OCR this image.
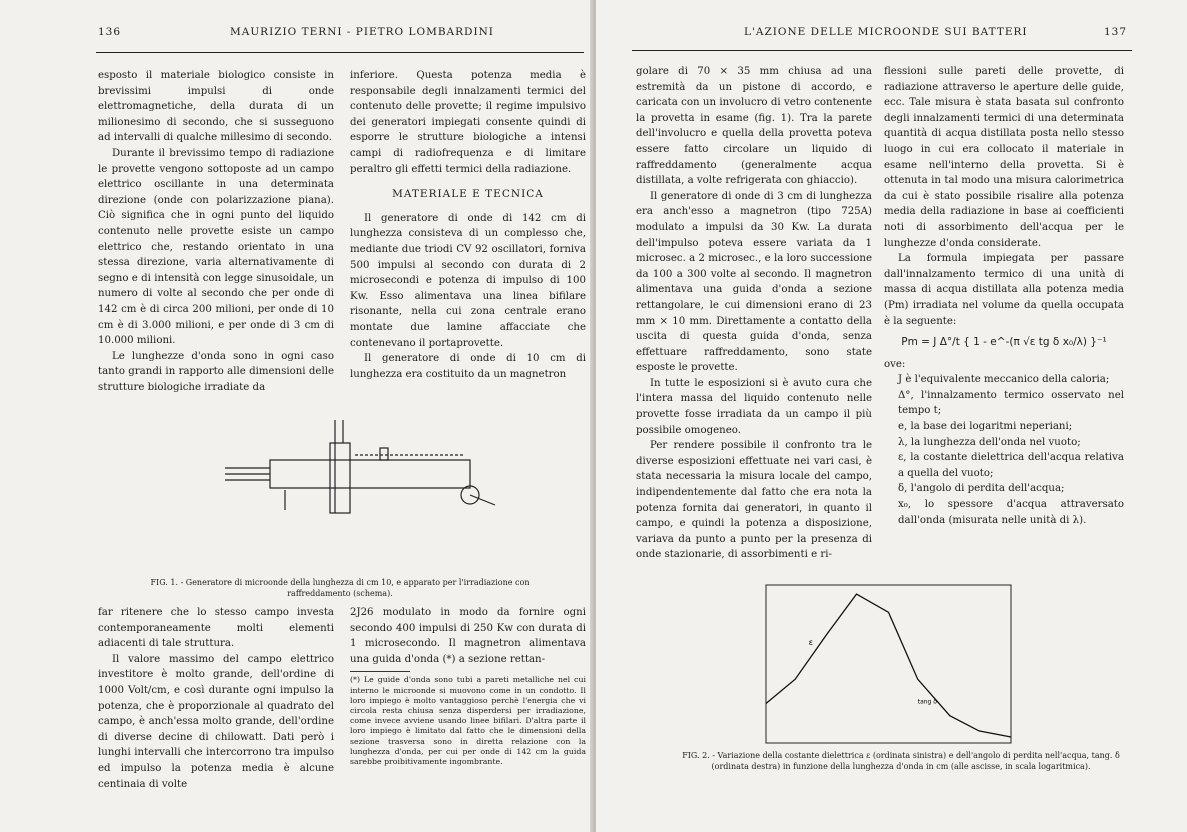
136	MAURIZIO TERNI - PIETRO LOMBARDINI

esposto il materiale biologico consiste in brevissimi impulsi di onde elettromagnetiche, della durata di un milionesimo di secondo, che si susseguono ad intervalli di qualche millesimo di secondo.

Durante il brevissimo tempo di radiazione le provette vengono sottoposte ad un campo elettrico oscillante in una determinata direzione (onde con polarizzazione piana). Ciò significa che in ogni punto del liquido contenuto nelle provette esiste un campo elettrico che, restando orientato in una stessa direzione, varia alternativamente di segno e di intensità con legge sinusoidale, un numero di volte al secondo che per onde di 142 cm è di circa 200 milioni, per onde di 10 cm è di 3.000 milioni, e per onde di 3 cm di 10.000 milioni.

Le lunghezze d'onda sono in ogni caso tanto grandi in rapporto alle dimensioni delle strutture biologiche irradiate da

inferiore. Questa potenza media è responsabile degli innalzamenti termici del contenuto delle provette; il regime impulsivo dei generatori impiegati consente quindi di esporre le strutture biologiche a intensi campi di radiofrequenza e di limitare peraltro gli effetti termici della radiazione.

MATERIALE E TECNICA

Il generatore di onde di 142 cm di lunghezza consisteva di un complesso che, mediante due triodi CV 92 oscillatori, forniva 500 impulsi al secondo con durata di 2 microsecondi e potenza di impulso di 100 Kw. Esso alimentava una linea bifilare risonante, nella cui zona centrale erano montate due lamine affacciate che contenevano il portaprovette.

Il generatore di onde di 10 cm di lunghezza era costituito da un magnetron

FIG. 1. - Generatore di microonde della lunghezza di cm 10, e apparato per l'irradiazione con raffreddamento (schema).

far ritenere che lo stesso campo investa contemporaneamente molti elementi adiacenti di tale struttura.

Il valore massimo del campo elettrico investitore è molto grande, dell'ordine di 1000 Volt/cm, e così durante ogni impulso la potenza, che è proporzionale al quadrato del campo, è anch'essa molto grande, dell'ordine di diverse decine di chilowatt. Dati però i lunghi intervalli che intercorrono tra impulso ed impulso la potenza media è alcune centinaia di volte

2J26 modulato in modo da fornire ogni secondo 400 impulsi di 250 Kw con durata di 1 microsecondo. Il magnetron alimentava una guida d'onda (*) a sezione rettan-

(*) Le guide d'onda sono tubi a pareti metalliche nel cui interno le microonde si muovono come in un condotto. Il loro impiego è molto vantaggioso perchè l'energia che vi circola resta chiusa senza disperdersi per irradiazione, come invece avviene usando linee bifilari. D'altra parte il loro impiego è limitato dal fatto che le dimensioni della sezione trasversa sono in diretta relazione con la lunghezza d'onda, per cui per onde di 142 cm la guida sarebbe proibitivamente ingombrante.

L'AZIONE DELLE MICROONDE SUI BATTERI	137

golare di 70 × 35 mm chiusa ad una estremità da un pistone di accordo, e caricata con un involucro di vetro contenente la provetta in esame (fig. 1). Tra la parete dell'involucro e quella della provetta poteva essere fatto circolare un liquido di raffreddamento (generalmente acqua distillata, a volte refrigerata con ghiaccio).

Il generatore di onde di 3 cm di lunghezza era anch'esso a magnetron (tipo 725A) modulato a impulsi da 30 Kw. La durata dell'impulso poteva essere variata da 1 microsec. a 2 microsec., e la loro successione da 100 a 300 volte al secondo. Il magnetron alimentava una guida d'onda a sezione rettangolare, le cui dimensioni erano di 23 mm × 10 mm. Direttamente a contatto della uscita di questa guida d'onda, senza effettuare raffreddamento, sono state esposte le provette.

In tutte le esposizioni si è avuto cura che l'intera massa del liquido contenuto nelle provette fosse irradiata da un campo il più possibile omogeneo.

Per rendere possibile il confronto tra le diverse esposizioni effettuate nei vari casi, è stata necessaria la misura locale del campo, indipendentemente dal fatto che era nota la potenza fornita dai generatori, in quanto il campo, e quindi la potenza a disposizione, variava da punto a punto per la presenza di onde stazionarie, di assorbimenti e ri-

flessioni sulle pareti delle provette, di radiazione attraverso le aperture delle guide, ecc. Tale misura è stata basata sul confronto degli innalzamenti termici di una determinata quantità di acqua distillata posta nello stesso luogo in cui era collocato il materiale in esame nell'interno della provetta. Si è ottenuta in tal modo una misura calorimetrica da cui è stato possibile risalire alla potenza media della radiazione in base ai coefficienti noti di assorbimento dell'acqua per le lunghezze d'onda considerate.

La formula impiegata per passare dall'innalzamento termico di una unità di massa di acqua distillata alla potenza media (Pm) irradiata nel volume da quella occupata è la seguente:

Pm = J Δ°/t { 1 - e^-(π √ε tg δ x₀/λ) }⁻¹

ove:

J è l'equivalente meccanico della caloria;

Δ°, l'innalzamento termico osservato nel tempo t;

e, la base dei logaritmi neperiani;

λ, la lunghezza dell'onda nel vuoto;

ε, la costante dielettrica dell'acqua relativa a quella del vuoto;

δ, l'angolo di perdita dell'acqua;

x₀, lo spessore d'acqua attraversato dall'onda (misurata nelle unità di λ).

ε
tang δ
FIG. 2. - Variazione della costante dielettrica ε (ordinata sinistra) e dell'angolo di perdita nell'acqua, tang. δ (ordinata destra) in funzione della lunghezza d'onda in cm (alle ascisse, in scala logaritmica).
